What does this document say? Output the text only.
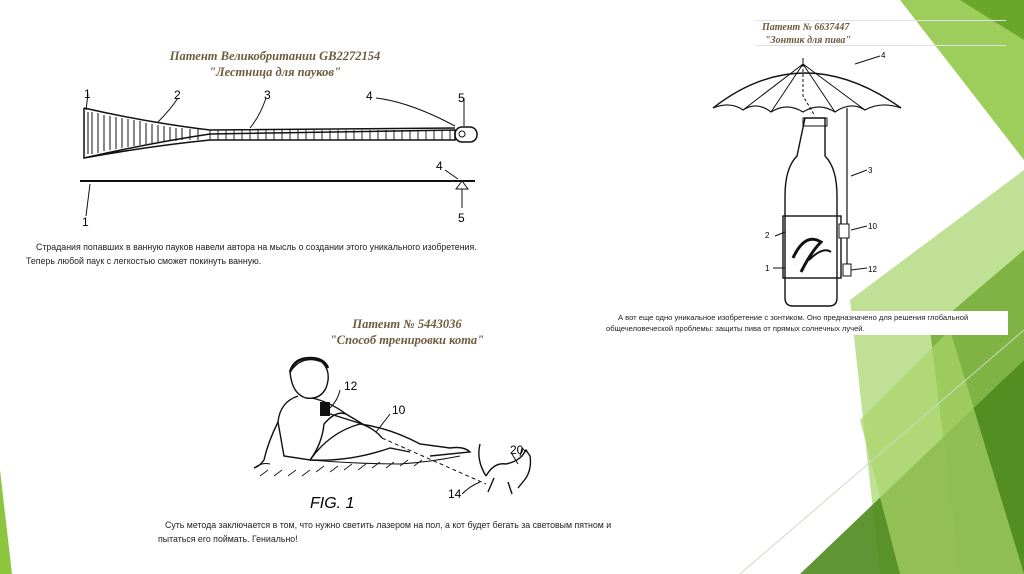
Патент Великобритании GB2272154
"Лестница для пауков"
1	2	3	4	5
4
1	5
Страдания попавших в ванную пауков навели автора на мысль о создании этого уникального изобретения.
Теперь любой паук с легкостью сможет покинуть ванную.
Патент № 6637447
"Зонтик для пива"
4
3
10
2
1	12
А вот еще одно уникальное изобретение с зонтиком. Оно предназначено для решения глобальной
общечеловеческой проблемы: защиты пива от прямых солнечных лучей.
Патент № 5443036
"Способ тренировки кота"
12
10
20
14
FIG. 1
Суть метода заключается в том, что нужно светить лазером на пол, а кот будет бегать за световым пятном и
пытаться его поймать. Гениально!
